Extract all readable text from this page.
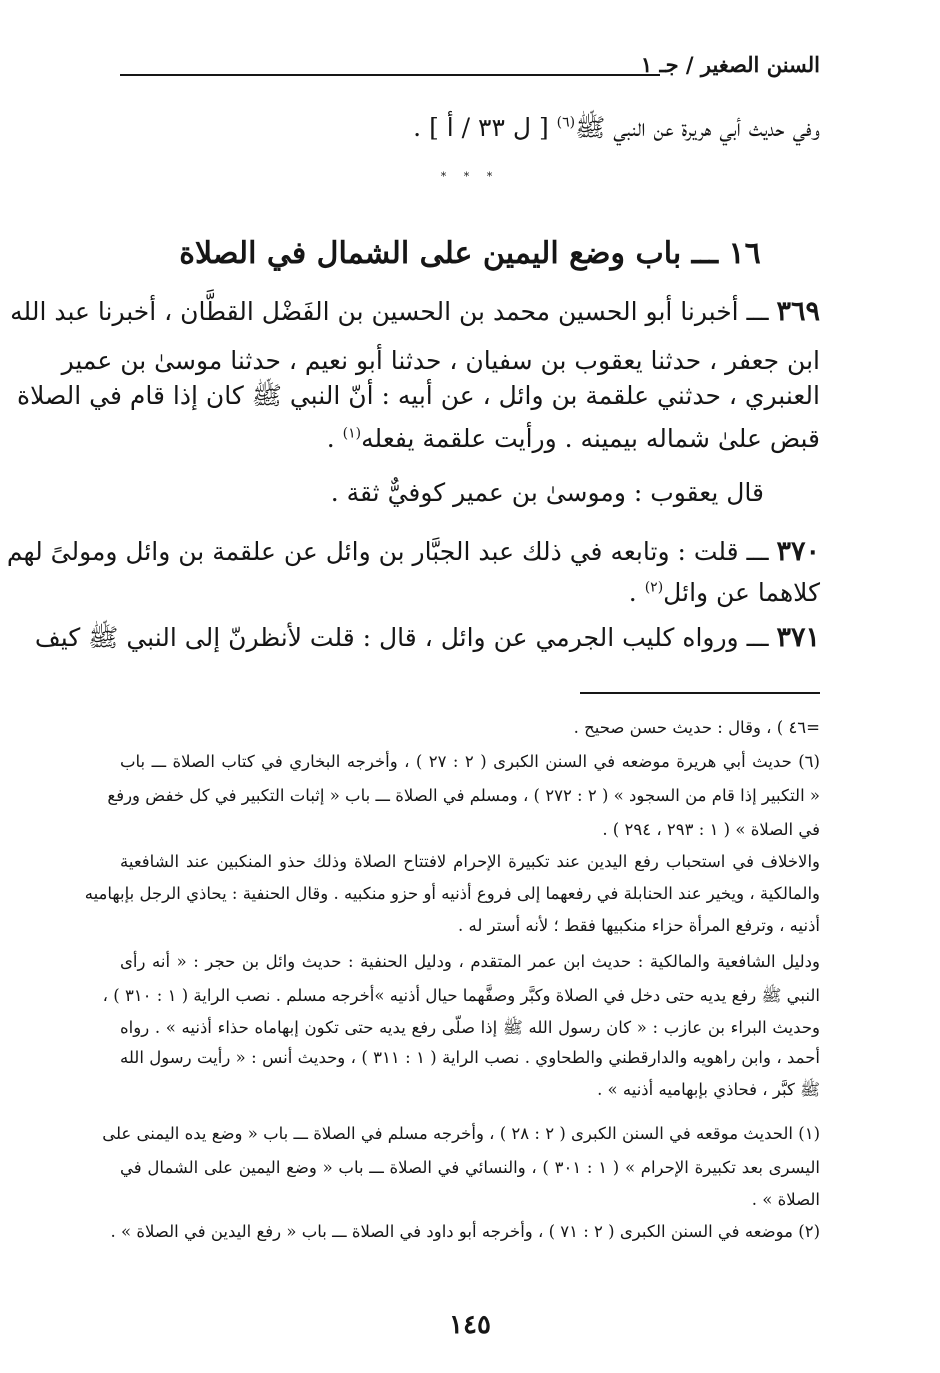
السنن الصغير / جـ ١
وفي حديث أبي هريرة عن النبي ﷺ$^{(٦)}$ [ ل ٣٣ / أ ] .
* * *
١٦ ـــ باب وضع اليمين على الشمال في الصلاة
٣٦٩ ـــ أخبرنا أبو الحسين محمد بن الحسين بن الفَضْل القطَّان ، أخبرنا عبد الله
ابن جعفر ، حدثنا يعقوب بن سفيان ، حدثنا أبو نعيم ، حدثنا موسىٰ بن عمير
العنبري ، حدثني علقمة بن وائل ، عن أبيه : أنّ النبي ﷺ كان إذا قام في الصلاة
قبض علىٰ شماله بيمينه . ورأيت علقمة يفعله$^{(١)}$ .
قال يعقوب : وموسىٰ بن عمير كوفيٌّ ثقة .
٣٧٠ ـــ قلت : وتابعه في ذلك عبد الجبَّار بن وائل عن علقمة بن وائل ومولىً لهم
كلاهما عن وائل$^{(٢)}$ .
٣٧١ ـــ ورواه كليب الجرمي عن وائل ، قال : قلت لأنظرنّ إلى النبي ﷺ كيف
=٤٦ ) ، وقال : حديث حسن صحيح .
(٦) حديث أبي هريرة موضعه في السنن الكبرى ( ٢ : ٢٧ ) ، وأخرجه البخاري في كتاب الصلاة ـــ باب
« التكبير إذا قام من السجود » ( ٢ : ٢٧٢ ) ، ومسلم في الصلاة ـــ باب « إثبات التكبير في كل خفض ورفع
في الصلاة » ( ١ : ٢٩٣ ، ٢٩٤ ) .
والاخلاف في استحباب رفع اليدين عند تكبيرة الإحرام لافتتاح الصلاة وذلك حذو المنكبين عند الشافعية
والمالكية ، ويخير عند الحنابلة في رفعهما إلى فروع أذنيه أو حزو منكبيه . وقال الحنفية : يحاذي الرجل بإبهاميه
أذنيه ، وترفع المرأة حزاء منكبيها فقط ؛ لأنه أستر له .
ودليل الشافعية والمالكية : حديث ابن عمر المتقدم ، ودليل الحنفية : حديث وائل بن حجر : « أنه رأى
النبي ﷺ رفع يديه حتى دخل في الصلاة وكبَّر وصفَّهما حيال أذنيه »أخرجه مسلم . نصب الراية ( ١ : ٣١٠ ) ،
وحديث البراء بن عازب : « كان رسول الله ﷺ إذا صلّى رفع يديه حتى تكون إبهاماه حذاء أذنيه » . رواه
أحمد ، وابن راهويه والدارقطني والطحاوي . نصب الراية ( ١ : ٣١١ ) ، وحديث أنس : « رأيت رسول الله
ﷺ كبَّر ، فحاذي بإبهاميه أذنيه » .
(١) الحديث موقعه في السنن الكبرى ( ٢ : ٢٨ ) ، وأخرجه مسلم في الصلاة ـــ باب « وضع يده اليمنى على
اليسرى بعد تكبيرة الإحرام » ( ١ : ٣٠١ ) ، والنسائي في الصلاة ـــ باب « وضع اليمين على الشمال في
الصلاة » .
(٢) موضعه في السنن الكبرى ( ٢ : ٧١ ) ، وأخرجه أبو داود في الصلاة ـــ باب « رفع اليدين في الصلاة » .
١٤٥
